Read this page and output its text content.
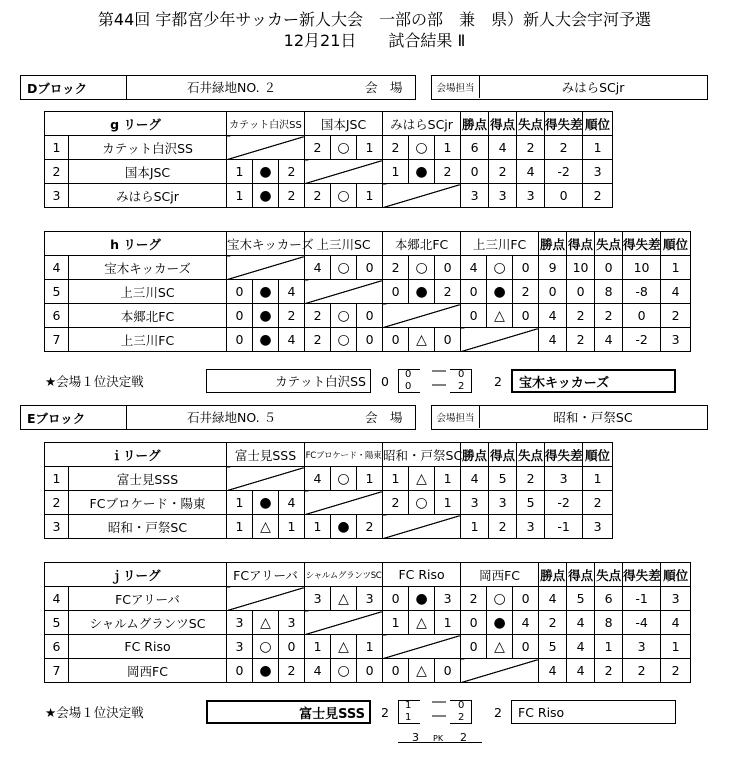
第44回 宇都宮少年サッカー新人大会　一部の部　兼　県）新人大会宇河予選
12月21日　　試合結果 Ⅱ
Dブロック	石井緑地NO. ２	会　場	会場担当	みはらSCjr
g リーグ		カテット白沢SS			国本JSC			みはらSCjr			勝点	得点	失点	得失差	順位
1	カテット白沢SS				2	○	1	2	○	1	6	4	2	2	1
2	国本JSC	1	●	2				1	●	2	0	2	4	-2	3
3	みはらSCjr	1	●	2	2	○	1				3	3	3	0	2
h リーグ		宝木キッカーズ			上三川SC			本郷北FC			上三川FC			勝点	得点	失点	得失差	順位
4	宝木キッカーズ				4	○	0	2	○	0	4	○	0	9	10	0	10	1
5	上三川SC	0	●	4				0	●	2	0	●	2	0	0	8	-8	4
6	本郷北FC	0	●	2	2	○	0				0	△	0	4	2	2	0	2
7	上三川FC	0	●	4	2	○	0	0	△	0				4	2	4	-2	3
★会場１位決定戦	カテット白沢SS	0 0
0
―
―
0
2 2	宝木キッカーズ
Eブロック	石井緑地NO. ５	会　場	会場担当	昭和・戸祭SC
ｉリーグ		富士見SSS			FCブロケード・陽東			昭和・戸祭SC			勝点	得点	失点	得失差	順位
1	富士見SSS				4	○	1	1	△	1	4	5	2	3	1
2	FCブロケード・陽東	1	●	4				2	○	1	3	3	5	-2	2
3	昭和・戸祭SC	1	△	1	1	●	2				1	2	3	-1	3
ｊリーグ		FCアリーバ			シャルムグランツSC			FC Riso			岡西FC			勝点	得点	失点	得失差	順位
4	FCアリーバ				3	△	3	0	●	3	2	○	0	4	5	6	-1	3
5	シャルムグランツSC	3	△	3				1	△	1	0	●	4	2	4	8	-4	4
6	FC Riso	3	○	0	1	△	1				0	△	0	5	4	1	3	1
7	岡西FC	0	●	2	4	○	0	0	△	0				4	4	2	2	2
★会場１位決定戦	富士見SSS	2 1
1
―
―
0
2 2	FC Riso
3 PK 2
